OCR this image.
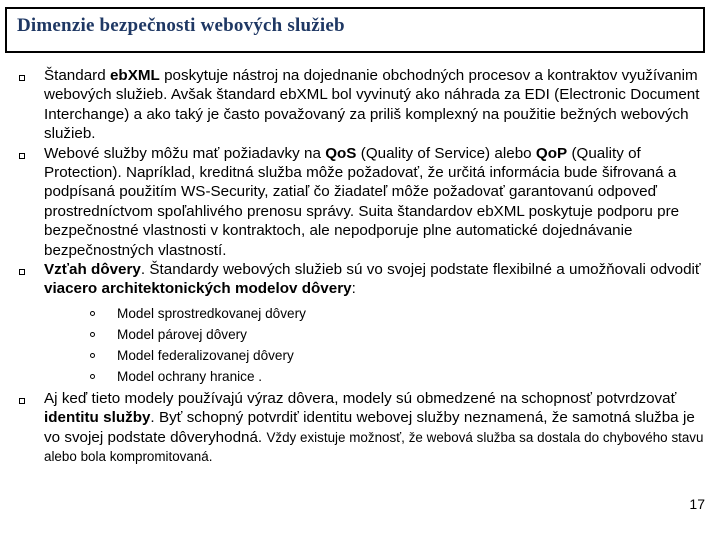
Dimenzie bezpečnosti webových služieb
Štandard ebXML poskytuje nástroj na dojednanie obchodných procesov a kontraktov využívanim webových služieb. Avšak štandard ebXML bol vyvinutý ako náhrada za EDI (Electronic Document Interchange) a ako taký je často považovaný za priliš komplexný na použitie bežných webových služieb.
Webové služby môžu mať požiadavky na QoS (Quality of Service) alebo QoP (Quality of Protection). Napríklad, kreditná služba môže požadovať, že určitá informácia bude šifrovaná a podpísaná použitím WS-Security, zatiaľ čo žiadateľ môže požadovať garantovanú odpoveď prostredníctvom spoľahlivého prenosu správy. Suita štandardov ebXML poskytuje podporu pre bezpečnostné vlastnosti v kontraktoch, ale nepodporuje plne automatické dojednávanie bezpečnostných vlastností.
Vzťah dôvery. Štandardy webových služieb sú vo svojej podstate flexibilné a umožňovali odvodiť viacero architektonických modelov dôvery:
Model sprostredkovanej dôvery
Model párovej dôvery
Model federalizovanej dôvery
Model ochrany hranice .
Aj keď tieto modely používajú výraz dôvera, modely sú obmedzené na schopnosť potvrdzovať identitu služby. Byť schopný potvrdiť identitu webovej služby neznamená, že samotná služba je vo svojej podstate dôveryhodná. Vždy existuje možnosť, že webová služba sa dostala do chybového stavu alebo bola kompromitovaná.
17
